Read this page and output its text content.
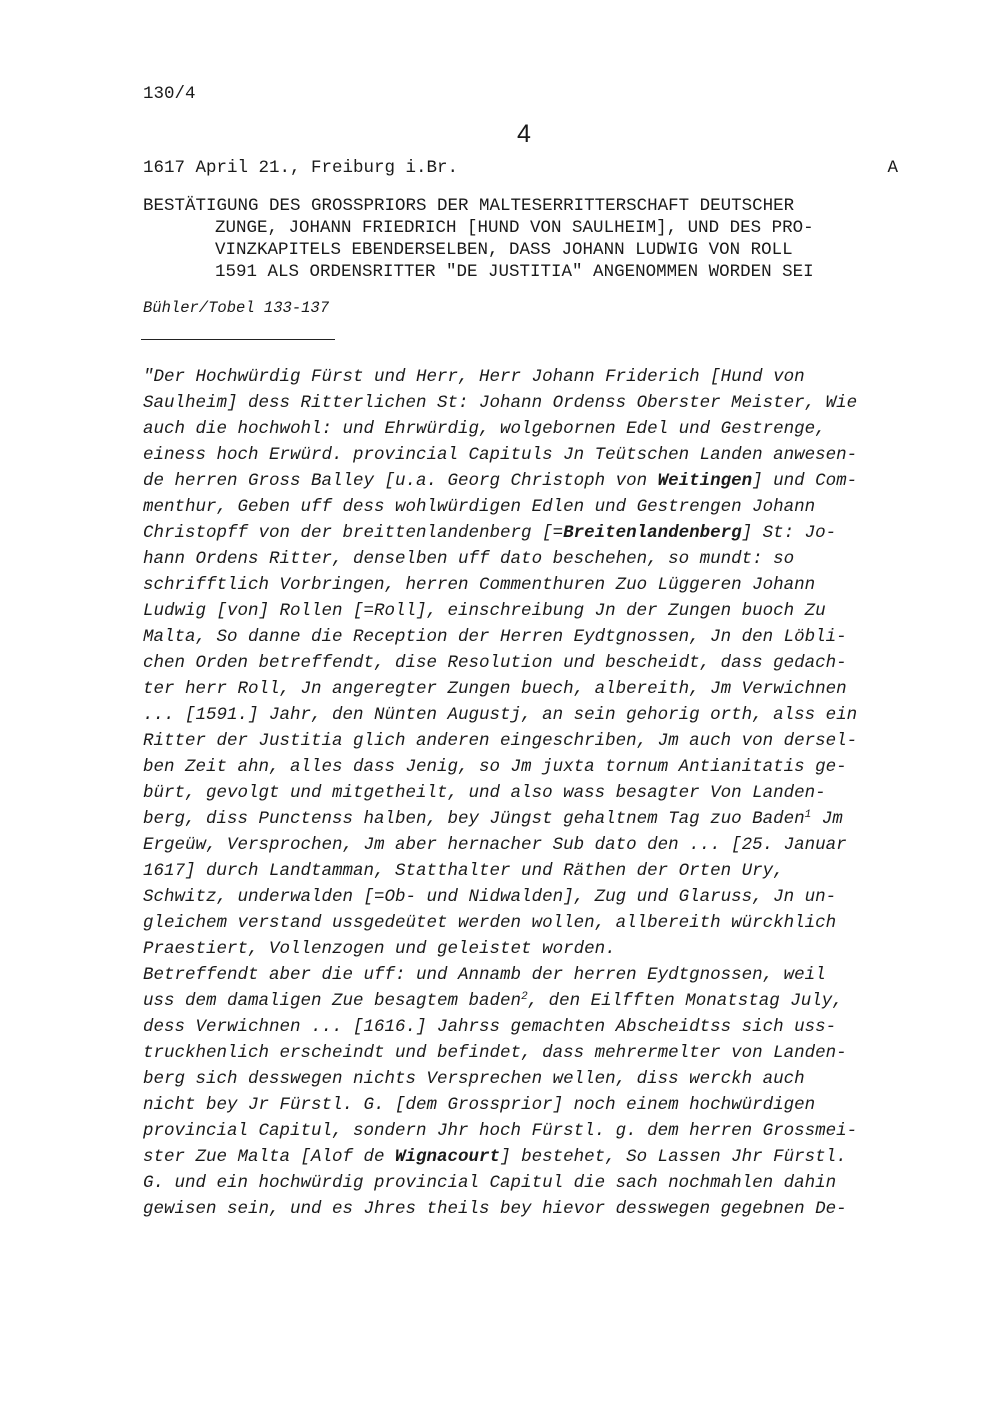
130/4
4
1617 April 21., Freiburg i.Br.	A
BESTÄTIGUNG DES GROSSPRIORS DER MALTESERRITTERSCHAFT DEUTSCHER
ZUNGE, JOHANN FRIEDRICH [HUND VON SAULHEIM], UND DES PRO-
VINZKAPITELS EBENDERSELBEN, DASS JOHANN LUDWIG VON ROLL
1591 ALS ORDENSRITTER "DE JUSTITIA" ANGENOMMEN WORDEN SEI
Bühler/Tobel 133-137
"Der Hochwürdig Fürst und Herr, Herr Johann Friderich [Hund von
Saulheim] dess Ritterlichen St: Johann Ordenss Oberster Meister, Wie
auch die hochwohl: und Ehrwürdig, wolgebornen Edel und Gestrenge,
einess hoch Erwürd. provincial Capituls Jn Teütschen Landen anwesen-
de herren Gross Balley [u.a. Georg Christoph von Weitingen] und Com-
menthur, Geben uff dess wohlwürdigen Edlen und Gestrengen Johann
Christopff von der breittenlandenberg [=Breitenlandenberg] St: Jo-
hann Ordens Ritter, denselben uff dato beschehen, so mundt: so
schrifftlich Vorbringen, herren Commenthuren Zuo Lüggeren Johann
Ludwig [von] Rollen [=Roll], einschreibung Jn der Zungen buoch Zu
Malta, So danne die Reception der Herren Eydtgnossen, Jn den Löbli-
chen Orden betreffendt, dise Resolution und bescheidt, dass gedach-
ter herr Roll, Jn angeregter Zungen buech, albereith, Jm Verwichnen
... [1591.] Jahr, den Nünten Augustj, an sein gehorig orth, alss ein
Ritter der Justitia glich anderen eingeschriben, Jm auch von dersel-
ben Zeit ahn, alles dass Jenig, so Jm juxta tornum Antianitatis ge-
bürt, gevolgt und mitgetheilt, und also wass besagter Von Landen-
berg, diss Punctenss halben, bey Jüngst gehaltnem Tag zuo Baden$^1$ Jm
Ergeüw, Versprochen, Jm aber hernacher Sub dato den ... [25. Januar
1617] durch Landtamman, Statthalter und Räthen der Orten Ury,
Schwitz, underwalden [=Ob- und Nidwalden], Zug und Glaruss, Jn un-
gleichem verstand ussgedeütet werden wollen, allbereith würckhlich
Praestiert, Vollenzogen und geleistet worden.
Betreffendt aber die uff: und Annamb der herren Eydtgnossen, weil
uss dem damaligen Zue besagtem baden$^2$, den Eilfften Monatstag July,
dess Verwichnen ... [1616.] Jahrss gemachten Abscheidtss sich uss-
truckhenlich erscheindt und befindet, dass mehrermelter von Landen-
berg sich desswegen nichts Versprechen wellen, diss werckh auch
nicht bey Jr Fürstl. G. [dem Grossprior] noch einem hochwürdigen
provincial Capitul, sondern Jhr hoch Fürstl. g. dem herren Grossmei-
ster Zue Malta [Alof de Wignacourt] bestehet, So Lassen Jhr Fürstl.
G. und ein hochwürdig provincial Capitul die sach nochmahlen dahin
gewisen sein, und es Jhres theils bey hievor desswegen gegebnen De-
